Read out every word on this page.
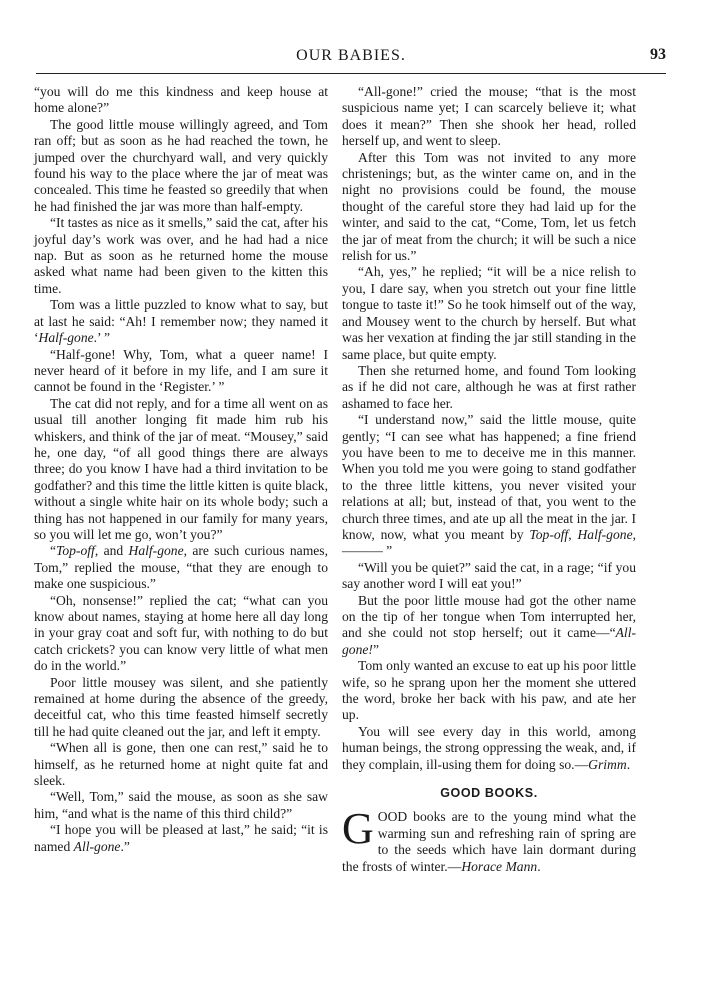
OUR BABIES.	93

“you will do me this kindness and keep house at home alone?”

The good little mouse willingly agreed, and Tom ran off; but as soon as he had reached the town, he jumped over the churchyard wall, and very quickly found his way to the place where the jar of meat was concealed. This time he feasted so greedily that when he had finished the jar was more than half-empty.

“It tastes as nice as it smells,” said the cat, after his joyful day’s work was over, and he had had a nice nap. But as soon as he returned home the mouse asked what name had been given to the kitten this time.

Tom was a little puzzled to know what to say, but at last he said: “Ah! I remember now; they named it ‘Half-gone.’ ”

“Half-gone! Why, Tom, what a queer name! I never heard of it before in my life, and I am sure it cannot be found in the ‘Register.’ ”

The cat did not reply, and for a time all went on as usual till another longing fit made him rub his whiskers, and think of the jar of meat. “Mousey,” said he, one day, “of all good things there are always three; do you know I have had a third invitation to be godfather? and this time the little kitten is quite black, without a single white hair on its whole body; such a thing has not happened in our family for many years, so you will let me go, won’t you?”

“Top-off, and Half-gone, are such curious names, Tom,” replied the mouse, “that they are enough to make one suspicious.”

“Oh, nonsense!” replied the cat; “what can you know about names, staying at home here all day long in your gray coat and soft fur, with nothing to do but catch crickets? you can know very little of what men do in the world.”

Poor little mousey was silent, and she patiently remained at home during the absence of the greedy, deceitful cat, who this time feasted himself secretly till he had quite cleaned out the jar, and left it empty.

“When all is gone, then one can rest,” said he to himself, as he returned home at night quite fat and sleek.

“Well, Tom,” said the mouse, as soon as she saw him, “and what is the name of this third child?”

“I hope you will be pleased at last,” he said; “it is named All-gone.”

“All-gone!” cried the mouse; “that is the most suspicious name yet; I can scarcely believe it; what does it mean?” Then she shook her head, rolled herself up, and went to sleep.

After this Tom was not invited to any more christenings; but, as the winter came on, and in the night no provisions could be found, the mouse thought of the careful store they had laid up for the winter, and said to the cat, “Come, Tom, let us fetch the jar of meat from the church; it will be such a nice relish for us.”

“Ah, yes,” he replied; “it will be a nice relish to you, I dare say, when you stretch out your fine little tongue to taste it!” So he took himself out of the way, and Mousey went to the church by herself. But what was her vexation at finding the jar still standing in the same place, but quite empty.

Then she returned home, and found Tom looking as if he did not care, although he was at first rather ashamed to face her.

“I understand now,” said the little mouse, quite gently; “I can see what has happened; a fine friend you have been to me to deceive me in this manner. When you told me you were going to stand godfather to the three little kittens, you never visited your relations at all; but, instead of that, you went to the church three times, and ate up all the meat in the jar. I know, now, what you meant by Top-off, Half-gone, ——— ”

“Will you be quiet?” said the cat, in a rage; “if you say another word I will eat you!”

But the poor little mouse had got the other name on the tip of her tongue when Tom interrupted her, and she could not stop herself; out it came—“All-gone!”

Tom only wanted an excuse to eat up his poor little wife, so he sprang upon her the moment she uttered the word, broke her back with his paw, and ate her up.

You will see every day in this world, among human beings, the strong oppressing the weak, and, if they complain, ill-using them for doing so.—Grimm.

GOOD BOOKS.

G OOD books are to the young mind what the warming sun and refreshing rain of spring are to the seeds which have lain dormant during the frosts of winter.—Horace Mann.
